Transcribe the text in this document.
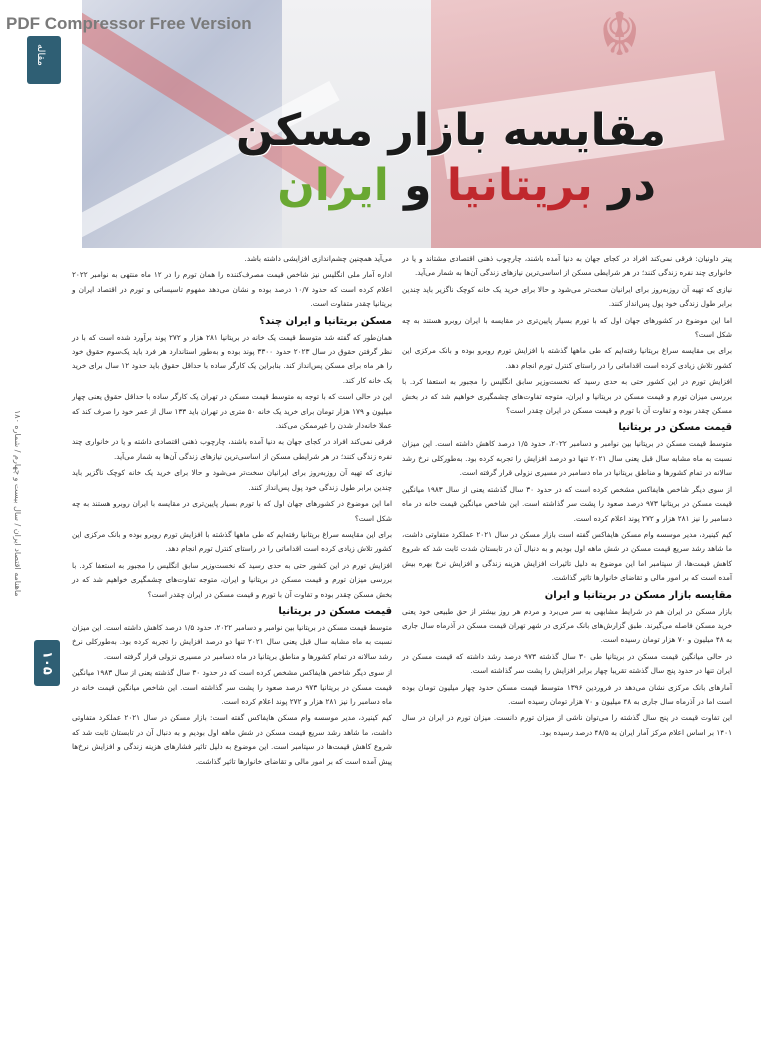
☬
PDF Compressor Free Version
مقاله
مقایسه بازار مسکن
در بریتانیا و ایران
ماهنامه اقتصاد ایران / سال بیست و چهارم / شماره ۱۸۰
۱۰۵

پیتر داونیان: فرقی نمی‌کند افراد در کجای جهان به دنیا آمده باشند، چارچوب ذهنی اقتصادی مشتاند و یا در خانواری چند نفره زندگی کنند؛ در هر شرایطی مسکن از اساسی‌ترین نیازهای زندگی آن‌ها به شمار می‌آید.

نیازی که تهیه آن روزبه‌روز برای ایرانیان سخت‌تر می‌شود و حالا برای خرید یک خانه کوچک ناگزیر باید چندین برابر طول زندگی خود پول پس‌انداز کنند.

اما این موضوع در کشورهای جهان اول که با تورم بسیار پایین‌تری در مقایسه با ایران روبرو هستند به چه شکل است؟

برای بی مقایسه سراغ بریتانیا رفته‌ایم که طی ماهها گذشته با افزایش تورم روبرو بوده و بانک مرکزی این کشور تلاش زیادی کرده است اقداماتی را در راستای کنترل تورم انجام دهد.

افزایش تورم در این کشور حتی به حدی رسید که نخست‌وزیر سابق انگلیس را مجبور به استعفا کرد. با بررسی میزان تورم و قیمت مسکن در بریتانیا و ایران، متوجه تفاوت‌های چشمگیری خواهیم شد که در بخش مسکن چقدر بوده و تفاوت آن با تورم و قیمت مسکن در ایران چقدر است؟

قیمت مسکن در بریتانیا

متوسط قیمت مسکن در بریتانیا بین نوامبر و دسامبر ۲۰۲۲، حدود ۱/۵ درصد کاهش داشته است. این میزان نسبت به ماه مشابه سال قبل یعنی سال ۲۰۲۱ تنها دو درصد افزایش را تجربه کرده بود. به‌طورکلی نرخ رشد سالانه در تمام کشورها و مناطق بریتانیا در ماه دسامبر در مسیری نزولی قرار گرفته است.

از سوی دیگر شاخص هایفاکس مشخص کرده است که در حدود ۳۰ سال گذشته یعنی از سال ۱۹۸۳ میانگین قیمت مسکن در بریتانیا ۹۷۳ درصد صعود را پشت سر گذاشته است. این شاخص میانگین قیمت خانه در ماه دسامبر را نیز ۲۸۱ هزار و ۲۷۲ پوند اعلام کرده است.

کیم کینیرد، مدیر موسسه وام مسکن هایفاکس گفته است بازار مسکن در سال ۲۰۲۱ عملکرد متفاوتی داشت، ما شاهد رشد سریع قیمت مسکن در شش ماهه اول بودیم و به دنبال آن در تابستان شدت ثابت شد که شروع کاهش قیمت‌ها، از سپتامبر اما این موضوع به دلیل تاثیرات افزایش هزینه زندگی و افزایش نرخ بهره بیش آمده است که بر امور مالی و تقاضای خانوارها تاثیر گذاشت.

مقایسه بازار مسکن در بریتانیا و ایران

بازار مسکن در ایران هم در شرایط مشابهی به سر می‌برد و مردم هر روز بیشتر از حق طبیعی خود یعنی خرید مسکن فاصله می‌گیرند. طبق گزارش‌های بانک مرکزی در شهر تهران قیمت مسکن در آذرماه سال جاری به ۴۸ میلیون و ۷۰ هزار تومان رسیده است.

در حالی میانگین قیمت مسکن در بریتانیا طی ۳۰ سال گذشته ۹۷۳ درصد رشد داشته که قیمت مسکن در ایران تنها در حدود پنج سال گذشته تقریبا چهار برابر افزایش را پشت سر گذاشته است.

آمارهای بانک مرکزی نشان می‌دهد در فروردین ۱۳۹۶ متوسط قیمت مسکن حدود چهار میلیون تومان بوده است اما در آذرماه سال جاری به ۴۸ میلیون و ۷۰ هزار تومان رسیده است.

این تفاوت قیمت در پنج سال گذشته را می‌توان ناشی از میزان تورم دانست. میزان تورم در ایران در سال ۱۴۰۱ بر اساس اعلام مرکز آمار ایران به ۴۸/۵ درصد رسیده بود.

می‌آید همچنین چشم‌اندازی افزایشی داشته باشد.

اداره آمار ملی انگلیس نیز شاخص قیمت مصرف‌کننده را همان تورم را در ۱۲ ماه منتهی به نوامبر ۲۰۲۲ اعلام کرده است که حدود ۱۰/۷ درصد بوده و نشان می‌دهد مفهوم تاسیساتی و تورم در اقتصاد ایران و بریتانیا چقدر متفاوت است.

مسکن بریتانیا و ایران چند؟

همان‌طور که گفته شد متوسط قیمت یک خانه در بریتانیا ۲۸۱ هزار و ۲۷۲ پوند برآورد شده است که با در نظر گرفتن حقوق در سال ۲۰۲۳ حدود ۳۳۰۰ پوند بوده و به‌طور استاندارد هر فرد باید یک‌سوم حقوق خود را هر ماه برای مسکن پس‌انداز کند. بنابراین یک کارگر ساده با حداقل حقوق باید حدود ۱۲ سال برای خرید یک خانه کار کند.

این در حالی است که با توجه به متوسط قیمت مسکن در تهران یک کارگر ساده با حداقل حقوق یعنی چهار میلیون و ۱۷۹ هزار تومان برای خرید یک خانه ۵۰ متری در تهران باید ۱۳۳ سال از عمر خود را صرف کند که عملا خانه‌دار شدن را غیرممکن می‌کند.

فرقی نمی‌کند افراد در کجای جهان به دنیا آمده باشند، چارچوب ذهنی اقتصادی داشته و یا در خانواری چند نفره زندگی کنند؛ در هر شرایطی مسکن از اساسی‌ترین نیازهای زندگی آن‌ها به شمار می‌آید.

نیازی که تهیه آن روزبه‌روز برای ایرانیان سخت‌تر می‌شود و حالا برای خرید یک خانه کوچک ناگزیر باید چندین برابر طول زندگی خود پول پس‌انداز کنند.

اما این موضوع در کشورهای جهان اول که با تورم بسیار پایین‌تری در مقایسه با ایران روبرو هستند به چه شکل است؟

برای این مقایسه سراغ بریتانیا رفته‌ایم که طی ماهها گذشته با افزایش تورم روبرو بوده و بانک مرکزی این کشور تلاش زیادی کرده است اقداماتی را در راستای کنترل تورم انجام دهد.

افزایش تورم در این کشور حتی به حدی رسید که نخست‌وزیر سابق انگلیس را مجبور به استعفا کرد. با بررسی میزان تورم و قیمت مسکن در بریتانیا و ایران، متوجه تفاوت‌های چشمگیری خواهیم شد که در بخش مسکن چقدر بوده و تفاوت آن با تورم و قیمت مسکن در ایران چقدر است؟

قیمت مسکن در بریتانیا

متوسط قیمت مسکن در بریتانیا بین نوامبر و دسامبر ۲۰۲۲، حدود ۱/۵ درصد کاهش داشته است. این میزان نسبت به ماه مشابه سال قبل یعنی سال ۲۰۲۱ تنها دو درصد افزایش را تجربه کرده بود. به‌طورکلی نرخ رشد سالانه در تمام کشورها و مناطق بریتانیا در ماه دسامبر در مسیری نزولی قرار گرفته است.

از سوی دیگر شاخص هایفاکس مشخص کرده است که در حدود ۳۰ سال گذشته یعنی از سال ۱۹۸۳ میانگین قیمت مسکن در بریتانیا ۹۷۳ درصد صعود را پشت سر گذاشته است. این شاخص میانگین قیمت خانه در ماه دسامبر را نیز ۲۸۱ هزار و ۲۷۲ پوند اعلام کرده است.

کیم کینیرد، مدیر موسسه وام مسکن هایفاکس گفته است: بازار مسکن در سال ۲۰۲۱ عملکرد متفاوتی داشت، ما شاهد رشد سریع قیمت مسکن در شش ماهه اول بودیم و به دنبال آن در تابستان ثابت شد که شروع کاهش قیمت‌ها در سپتامبر است. این موضوع به دلیل تاثیر فشارهای هزینه زندگی و افزایش نرخ‌ها پیش آمده است که بر امور مالی و تقاضای خانوارها تاثیر گذاشت.
